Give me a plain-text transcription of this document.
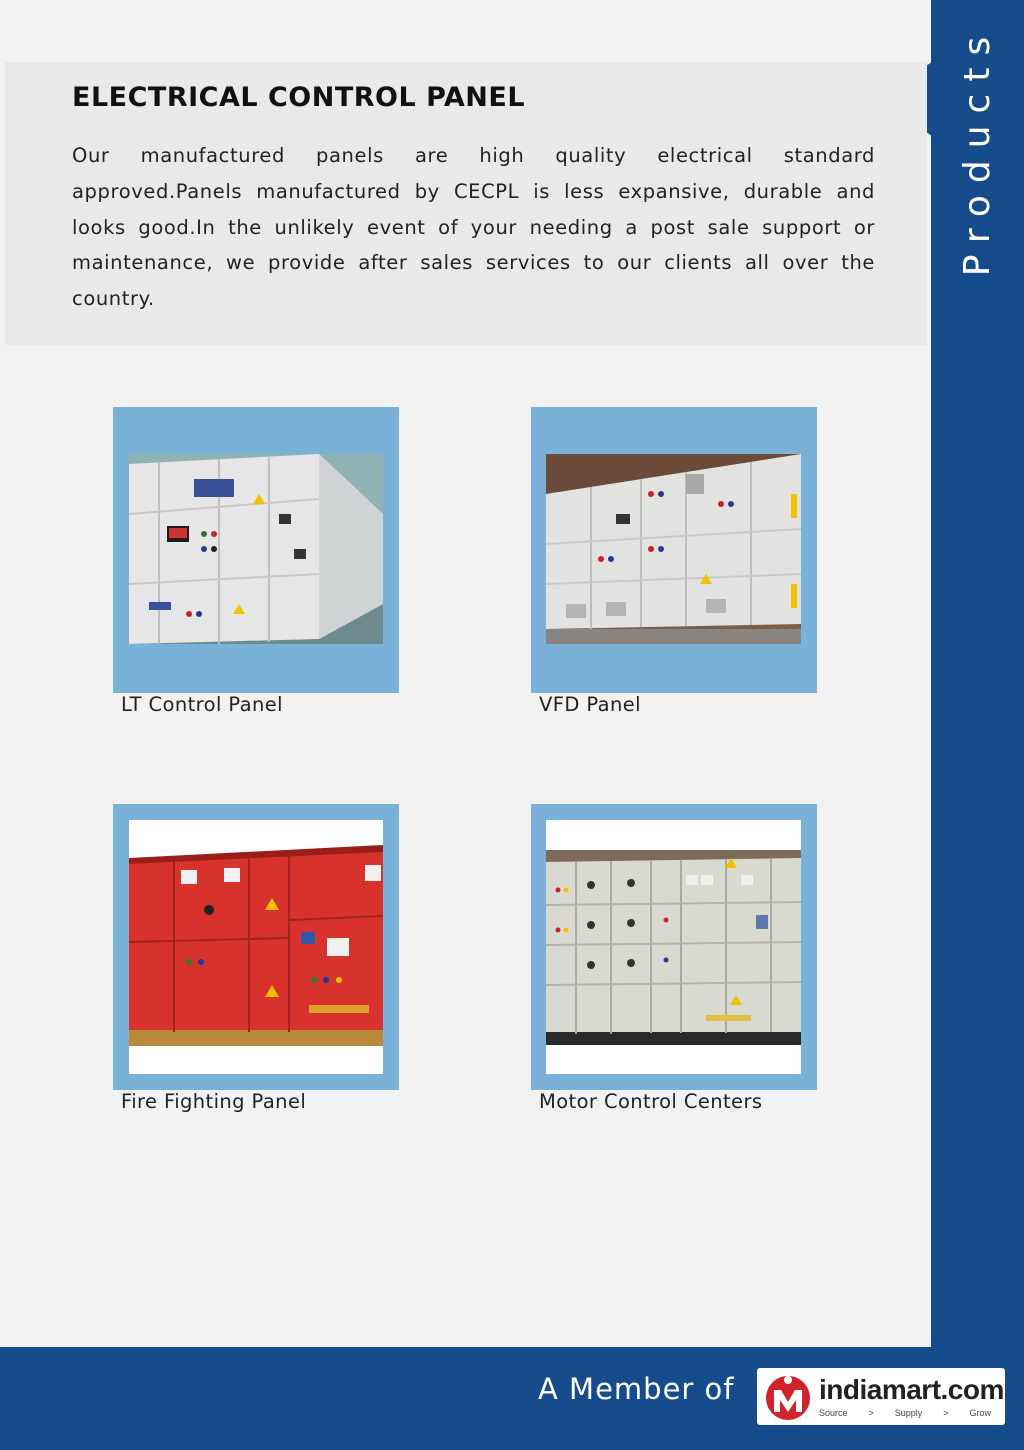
Products
ELECTRICAL CONTROL PANEL

Our manufactured panels are high quality electrical standard approved.Panels manufactured by CECPL is less expansive, durable and looks good.In the unlikely event of your needing a post sale support or maintenance, we provide after sales services to our clients all over the country.

LT Control Panel	VFD Panel
Fire Fighting Panel	Motor Control Centers
A Member of	indiamart.com
Source > Supply > Grow
